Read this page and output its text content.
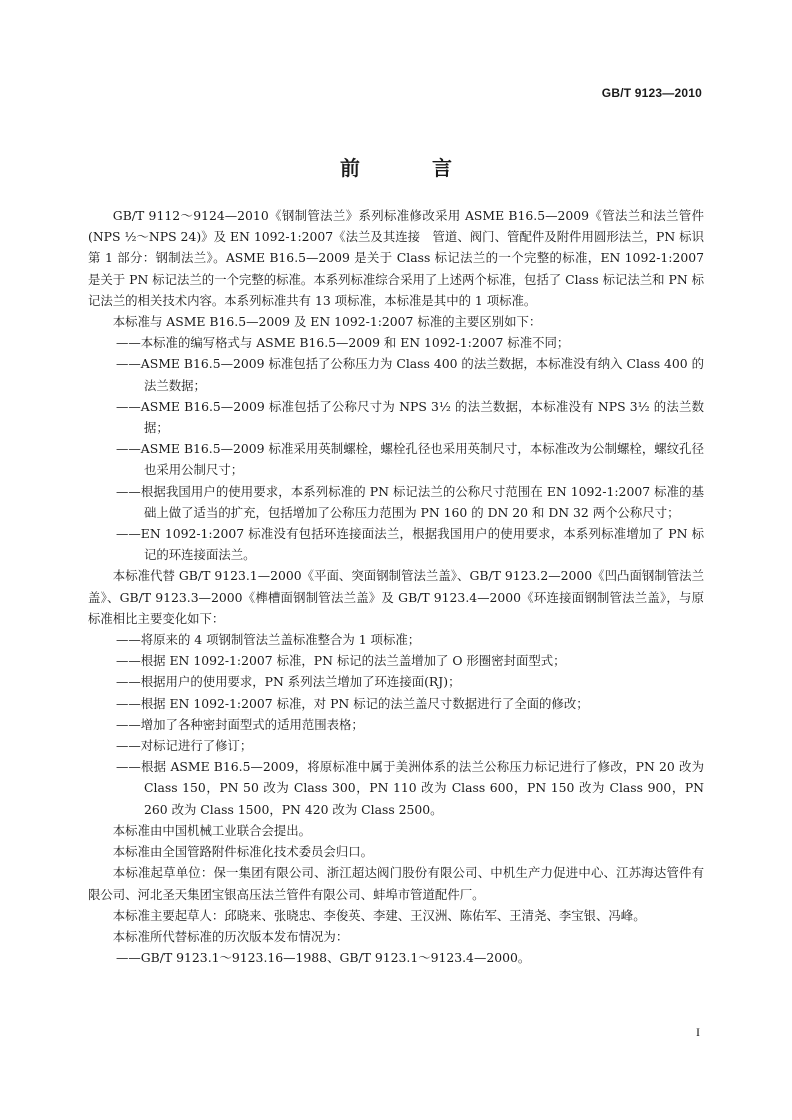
GB/T 9123—2010
前　言

GB/T 9112～9124—2010《钢制管法兰》系列标准修改采用 ASME B16.5—2009《管法兰和法兰管件(NPS ½～NPS 24)》及 EN 1092-1:2007《法兰及其连接　管道、阀门、管配件及附件用圆形法兰，PN 标识第 1 部分：钢制法兰》。ASME B16.5—2009 是关于 Class 标记法兰的一个完整的标准，EN 1092-1:2007 是关于 PN 标记法兰的一个完整的标准。本系列标准综合采用了上述两个标准，包括了 Class 标记法兰和 PN 标记法兰的相关技术内容。本系列标准共有 13 项标准，本标准是其中的 1 项标准。

本标准与 ASME B16.5—2009 及 EN 1092-1:2007 标准的主要区别如下：

——本标准的编写格式与 ASME B16.5—2009 和 EN 1092-1:2007 标准不同；

——ASME B16.5—2009 标准包括了公称压力为 Class 400 的法兰数据，本标准没有纳入 Class 400 的法兰数据；

——ASME B16.5—2009 标准包括了公称尺寸为 NPS 3½ 的法兰数据，本标准没有 NPS 3½ 的法兰数据；

——ASME B16.5—2009 标准采用英制螺栓，螺栓孔径也采用英制尺寸，本标准改为公制螺栓，螺纹孔径也采用公制尺寸；

——根据我国用户的使用要求，本系列标准的 PN 标记法兰的公称尺寸范围在 EN 1092-1:2007 标准的基础上做了适当的扩充，包括增加了公称压力范围为 PN 160 的 DN 20 和 DN 32 两个公称尺寸；

——EN 1092-1:2007 标准没有包括环连接面法兰，根据我国用户的使用要求，本系列标准增加了 PN 标记的环连接面法兰。

本标准代替 GB/T 9123.1—2000《平面、突面钢制管法兰盖》、GB/T 9123.2—2000《凹凸面钢制管法兰盖》、GB/T 9123.3—2000《榫槽面钢制管法兰盖》及 GB/T 9123.4—2000《环连接面钢制管法兰盖》，与原标准相比主要变化如下：

——将原来的 4 项钢制管法兰盖标准整合为 1 项标准；

——根据 EN 1092-1:2007 标准，PN 标记的法兰盖增加了 O 形圈密封面型式；

——根据用户的使用要求，PN 系列法兰增加了环连接面(RJ)；

——根据 EN 1092-1:2007 标准，对 PN 标记的法兰盖尺寸数据进行了全面的修改；

——增加了各种密封面型式的适用范围表格；

——对标记进行了修订；

——根据 ASME B16.5—2009，将原标准中属于美洲体系的法兰公称压力标记进行了修改，PN 20 改为 Class 150，PN 50 改为 Class 300，PN 110 改为 Class 600，PN 150 改为 Class 900，PN 260 改为 Class 1500，PN 420 改为 Class 2500。

本标准由中国机械工业联合会提出。

本标准由全国管路附件标准化技术委员会归口。

本标准起草单位：保一集团有限公司、浙江超达阀门股份有限公司、中机生产力促进中心、江苏海达管件有限公司、河北圣天集团宝银高压法兰管件有限公司、蚌埠市管道配件厂。

本标准主要起草人：邱晓来、张晓忠、李俊英、李建、王汉洲、陈佑军、王清尧、李宝银、冯峰。

本标准所代替标准的历次版本发布情况为：

——GB/T 9123.1～9123.16—1988、GB/T 9123.1～9123.4—2000。

I
